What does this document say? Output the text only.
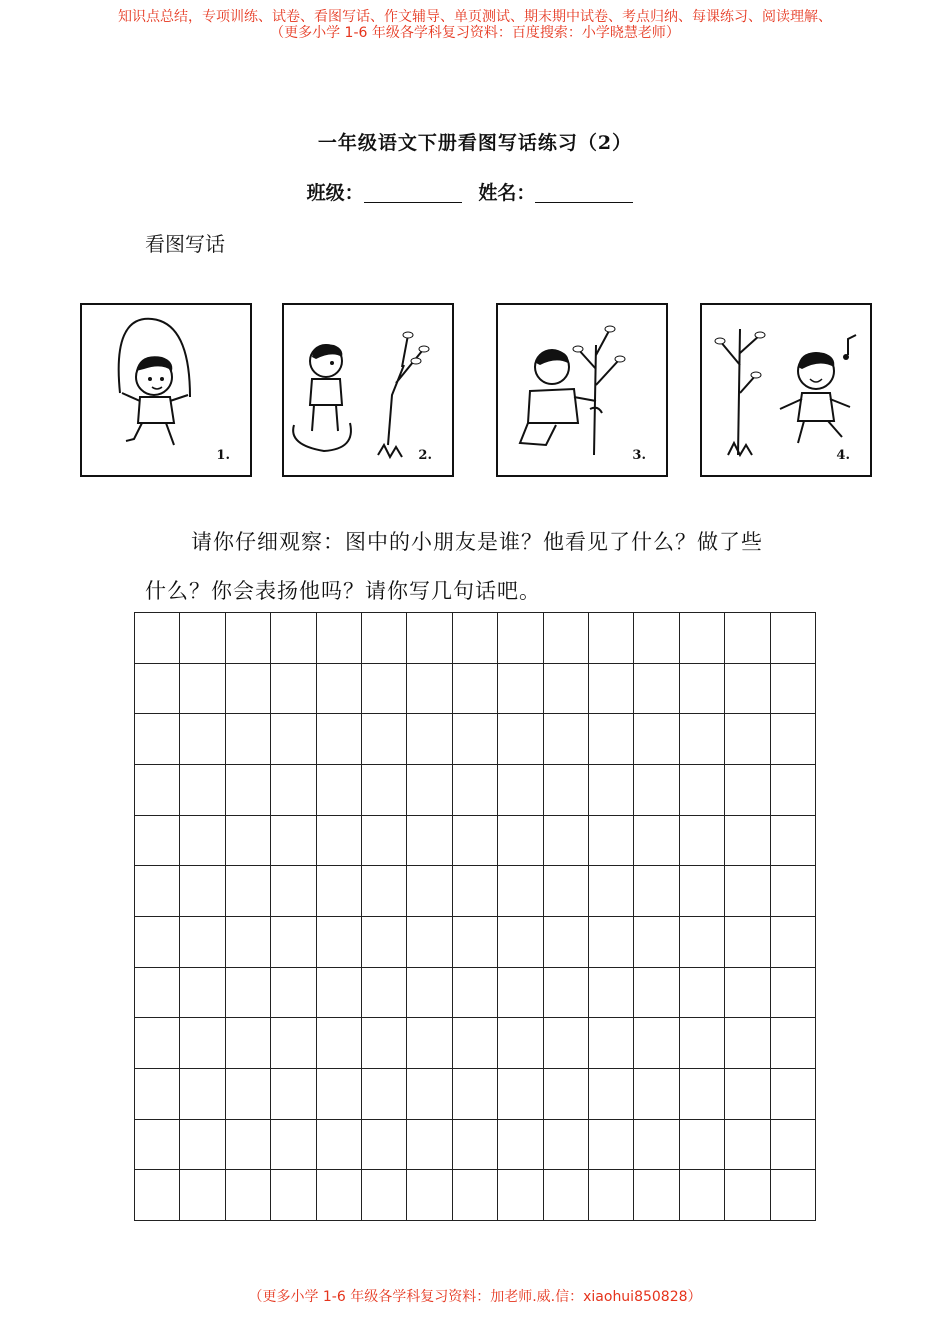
知识点总结，专项训练、试卷、看图写话、作文辅导、单页测试、期末期中试卷、考点归纳、每课练习、阅读理解、
（更多小学 1-6 年级各学科复习资料：百度搜索：小学晓慧老师）
一年级语文下册看图写话练习（2）
班级：	姓名：
看图写话
1.	2.	3.	4.
请你仔细观察：图中的小朋友是谁？他看见了什么？做了些
什么？你会表扬他吗？请你写几句话吧。
（更多小学 1-6 年级各学科复习资料：加老师.威.信：xiaohui850828）
